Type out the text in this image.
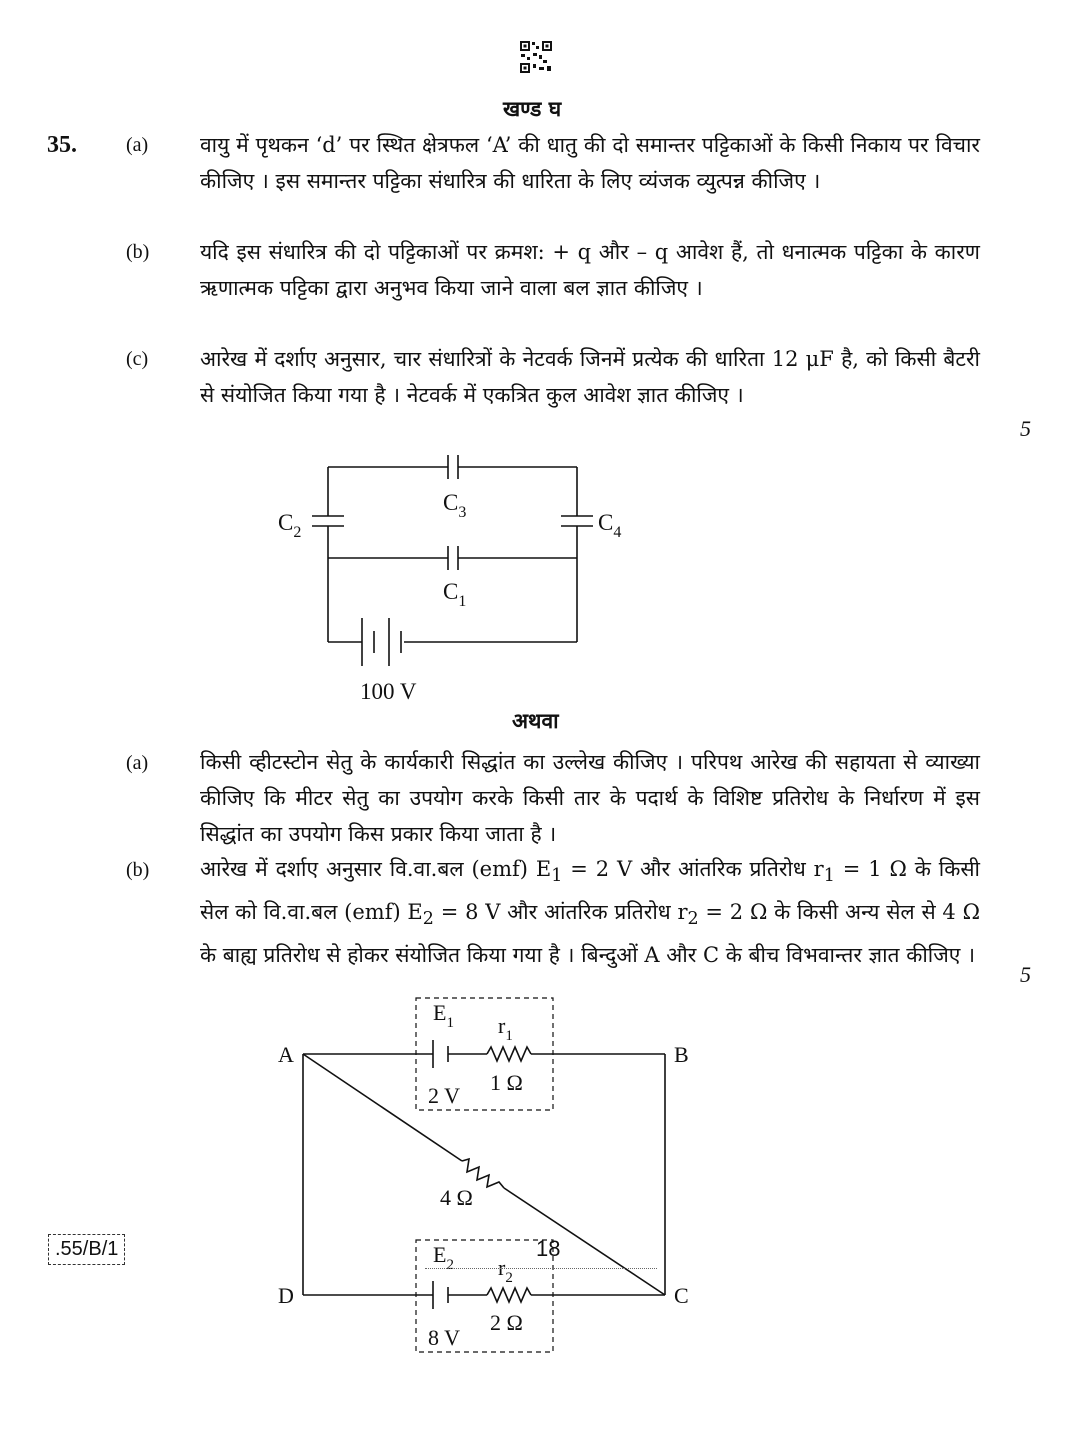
खण्ड घ
35. (a) वायु में पृथकन ‘d’ पर स्थित क्षेत्रफल ‘A’ की धातु की दो समान्तर पट्टिकाओं के किसी निकाय पर विचार कीजिए । इस समान्तर पट्टिका संधारित्र की धारिता के लिए व्यंजक व्युत्पन्न कीजिए ।
(b) यदि इस संधारित्र की दो पट्टिकाओं पर क्रमश: + q और – q आवेश हैं, तो धनात्मक पट्टिका के कारण ऋणात्मक पट्टिका द्वारा अनुभव किया जाने वाला बल ज्ञात कीजिए ।
(c) आरेख में दर्शाए अनुसार, चार संधारित्रों के नेटवर्क जिनमें प्रत्येक की धारिता 12 μF है, को किसी बैटरी से संयोजित किया गया है । नेटवर्क में एकत्रित कुल आवेश ज्ञात कीजिए ।
5
$C_3$
$C_2$	$C_4$
$C_1$
100 V
अथवा
(a) किसी व्हीटस्टोन सेतु के कार्यकारी सिद्धांत का उल्लेख कीजिए । परिपथ आरेख की सहायता से व्याख्या कीजिए कि मीटर सेतु का उपयोग करके किसी तार के पदार्थ के विशिष्ट प्रतिरोध के निर्धारण में इस सिद्धांत का उपयोग किस प्रकार किया जाता है ।
(b) आरेख में दर्शाए अनुसार वि.वा.बल (emf) $E_1 = 2$ V और आंतरिक प्रतिरोध $r_1 = 1$ Ω के किसी सेल को वि.वा.बल (emf) $E_2 = 8$ V और आंतरिक प्रतिरोध $r_2 = 2$ Ω के किसी अन्य सेल से 4 Ω के बाह्य प्रतिरोध से होकर संयोजित किया गया है । बिन्दुओं A और C के बीच विभवान्तर ज्ञात कीजिए ।
5
A	B
D	C
$E_1$ $r_1$
2 V
1 Ω
4 Ω
$E_2$ $r_2$
8 V
2 Ω
.55/B/1	18
